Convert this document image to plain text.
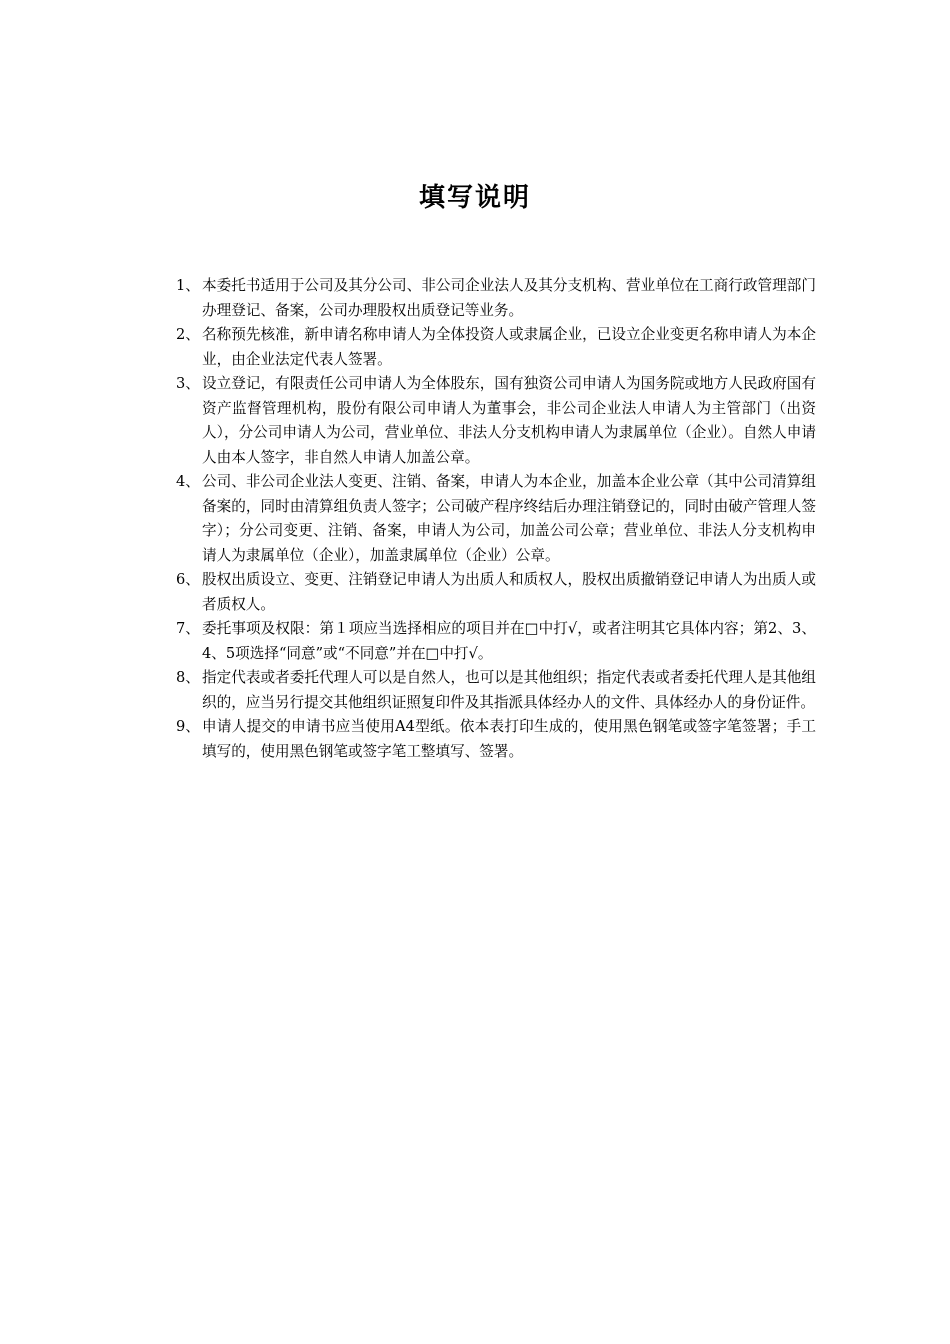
填写说明
1、 本委托书适用于公司及其分公司、非公司企业法人及其分支机构、营业单位在工商行政管理部门办理登记、备案，公司办理股权出质登记等业务。
2、 名称预先核准，新申请名称申请人为全体投资人或隶属企业，已设立企业变更名称申请人为本企业，由企业法定代表人签署。
3、 设立登记，有限责任公司申请人为全体股东，国有独资公司申请人为国务院或地方人民政府国有资产监督管理机构，股份有限公司申请人为董事会，非公司企业法人申请人为主管部门（出资人），分公司申请人为公司，营业单位、非法人分支机构申请人为隶属单位（企业）。自然人申请人由本人签字，非自然人申请人加盖公章。
4、 公司、非公司企业法人变更、注销、备案，申请人为本企业，加盖本企业公章（其中公司清算组备案的，同时由清算组负责人签字；公司破产程序终结后办理注销登记的，同时由破产管理人签字）；分公司变更、注销、备案，申请人为公司，加盖公司公章；营业单位、非法人分支机构申请人为隶属单位（企业），加盖隶属单位（企业）公章。
6、 股权出质设立、变更、注销登记申请人为出质人和质权人，股权出质撤销登记申请人为出质人或者质权人。
7、 委托事项及权限：第１项应当选择相应的项目并在□中打√，或者注明其它具体内容；第2、3、4、5项选择“同意”或“不同意”并在□中打√。
8、 指定代表或者委托代理人可以是自然人，也可以是其他组织；指定代表或者委托代理人是其他组织的，应当另行提交其他组织证照复印件及其指派具体经办人的文件、具体经办人的身份证件。
9、 申请人提交的申请书应当使用A4型纸。依本表打印生成的，使用黑色钢笔或签字笔签署；手工填写的，使用黑色钢笔或签字笔工整填写、签署。
